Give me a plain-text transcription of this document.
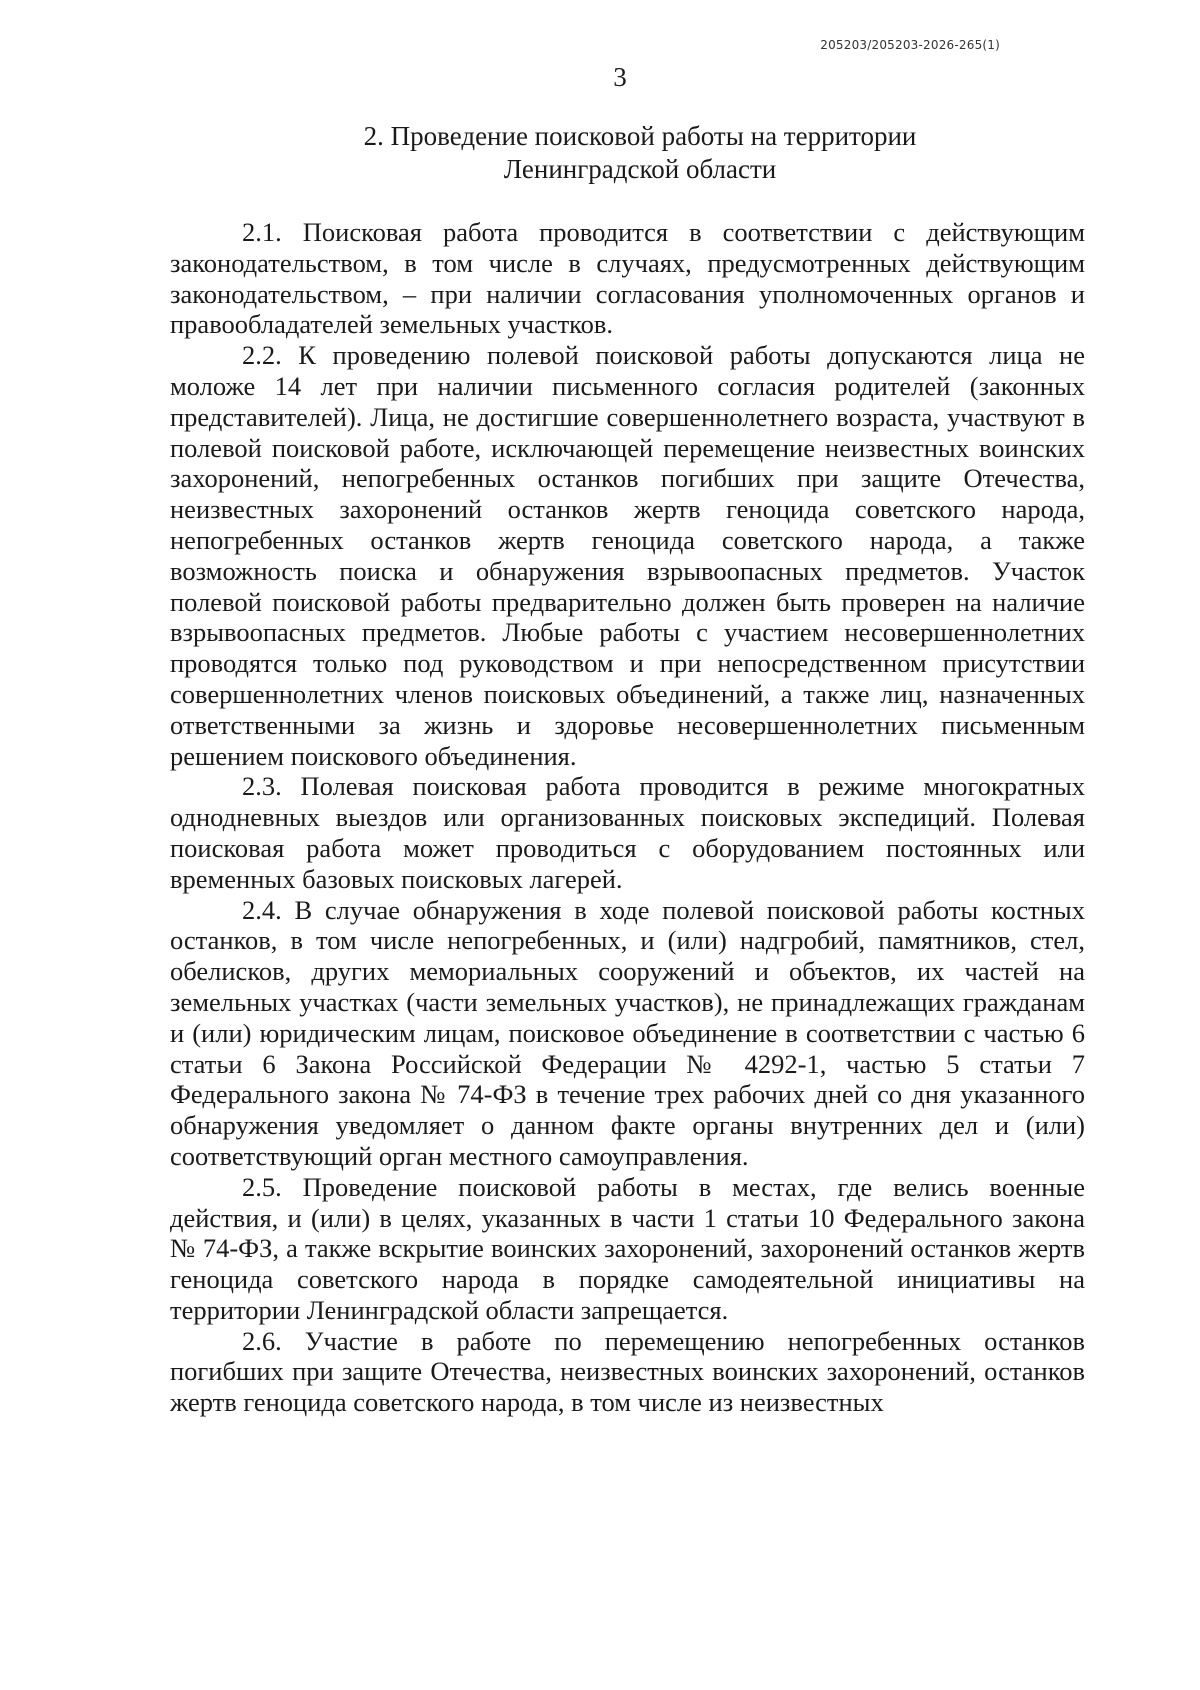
205203/205203-2026-265(1)
3
2. Проведение поисковой работы на территории
Ленинградской области

2.1. Поисковая работа проводится в соответствии с действующим законодательством, в том числе в случаях, предусмотренных действующим законодательством, – при наличии согласования уполномоченных органов и правообладателей земельных участков.

2.2. К проведению полевой поисковой работы допускаются лица не моложе 14 лет при наличии письменного согласия родителей (законных представителей). Лица, не достигшие совершеннолетнего возраста, участвуют в полевой поисковой работе, исключающей перемещение неизвестных воинских захоронений, непогребенных останков погибших при защите Отечества, неизвестных захоронений останков жертв геноцида советского народа, непогребенных останков жертв геноцида советского народа, а также возможность поиска и обнаружения взрывоопасных предметов. Участок полевой поисковой работы предварительно должен быть проверен на наличие взрывоопасных предметов. Любые работы с участием несовершеннолетних проводятся только под руководством и при непосредственном присутствии совершеннолетних членов поисковых объединений, а также лиц, назначенных ответственными за жизнь и здоровье несовершеннолетних письменным решением поискового объединения.

2.3. Полевая поисковая работа проводится в режиме многократных однодневных выездов или организованных поисковых экспедиций. Полевая поисковая работа может проводиться с оборудованием постоянных или временных базовых поисковых лагерей.

2.4. В случае обнаружения в ходе полевой поисковой работы костных останков, в том числе непогребенных, и (или) надгробий, памятников, стел, обелисков, других мемориальных сооружений и объектов, их частей на земельных участках (части земельных участков), не принадлежащих гражданам и (или) юридическим лицам, поисковое объединение в соответствии с частью 6 статьи 6 Закона Российской Федерации № 4292-1, частью 5 статьи 7 Федерального закона № 74-ФЗ в течение трех рабочих дней со дня указанного обнаружения уведомляет о данном факте органы внутренних дел и (или) соответствующий орган местного самоуправления.

2.5. Проведение поисковой работы в местах, где велись военные действия, и (или) в целях, указанных в части 1 статьи 10 Федерального закона № 74-ФЗ, а также вскрытие воинских захоронений, захоронений останков жертв геноцида советского народа в порядке самодеятельной инициативы на территории Ленинградской области запрещается.

2.6. Участие в работе по перемещению непогребенных останков погибших при защите Отечества, неизвестных воинских захоронений, останков жертв геноцида советского народа, в том числе из неизвестных
